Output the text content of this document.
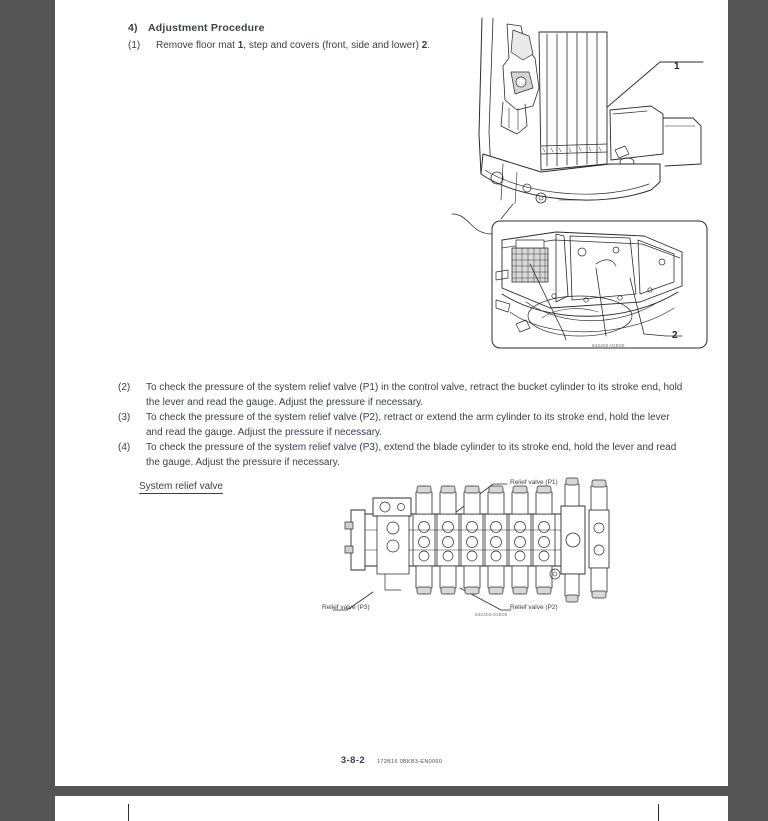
4) Adjustment Procedure
(1)	Remove floor mat 1, step and covers (front, side and lower) 2.

(2)	To check the pressure of the system relief valve (P1) in the control valve, retract the bucket cylinder to its stroke end, hold the lever and read the gauge. Adjust the pressure if necessary.
(3)	To check the pressure of the system relief valve (P2), retract or extend the arm cylinder to its stroke end, hold the lever and read the gauge. Adjust the pressure if necessary.
(4)	To check the pressure of the system relief valve (P3), extend the blade cylinder to its stroke end, hold the lever and read the gauge. Adjust the pressure if necessary.
System relief valve
1
2
842402-01E00
Relief valve (P1)
Relief valve (P2)
Relief valve (P3)
842403-01E00
3-8-2 172B16 0BKB3-EN0060
